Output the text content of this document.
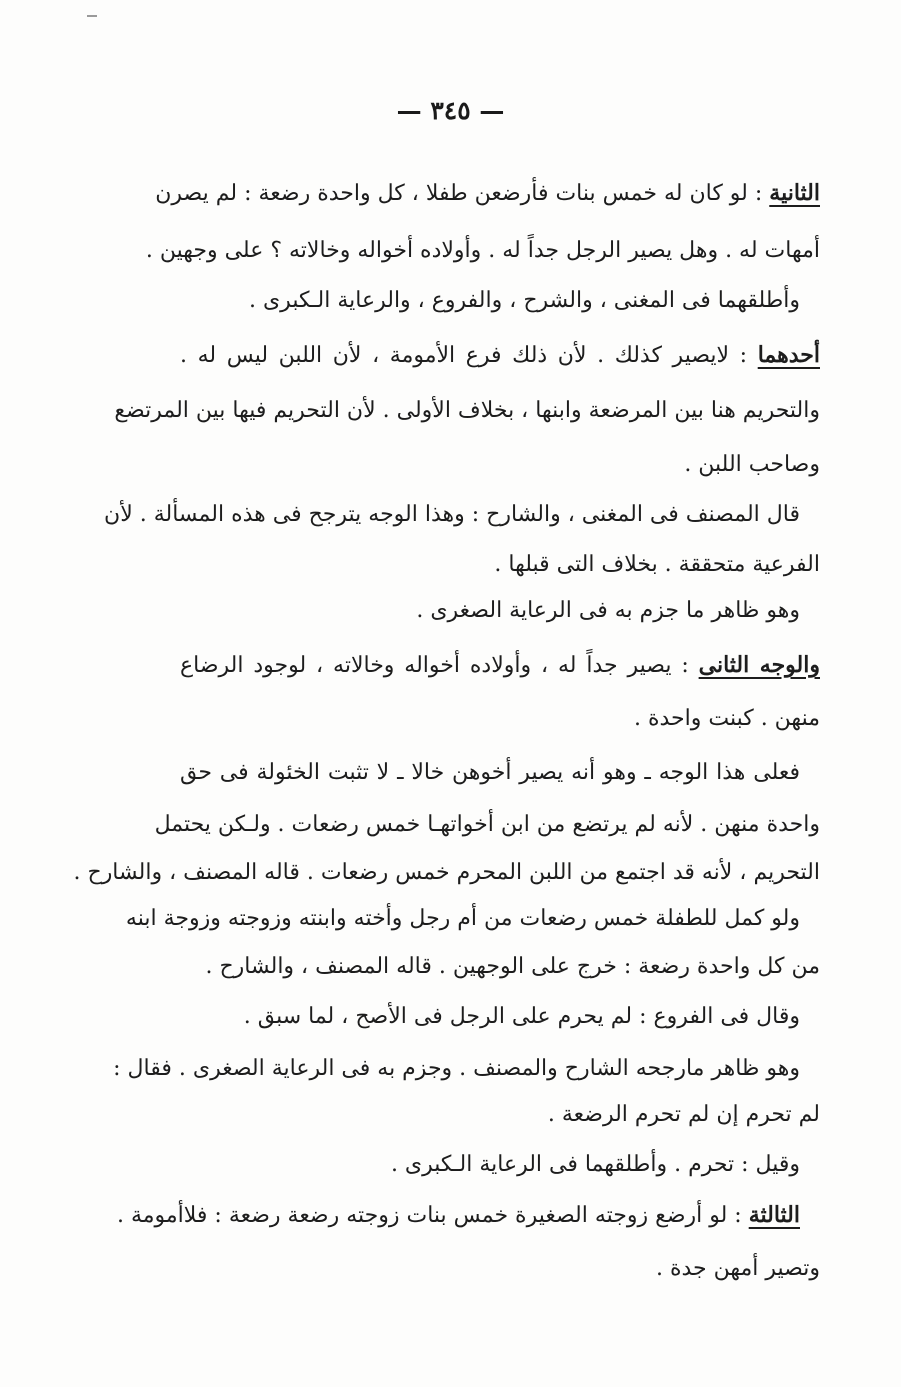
— ٣٤٥ —
الثانية : لو كان له خمس بنات فأرضعن طفلا ، كل واحدة رضعة : لم يصرن
أمهات له . وهل يصير الرجل جداً له . وأولاده أخواله وخالاته ؟ على وجهين .
وأطلقهما فى المغنى ، والشرح ، والفروع ، والرعاية الـكبرى .
أحدهما : لايصير كذلك . لأن ذلك فرع الأمومة ، لأن اللبن ليس له .
والتحريم هنا بين المرضعة وابنها ، بخلاف الأولى . لأن التحريم فيها بين المرتضع
وصاحب اللبن .
قال المصنف فى المغنى ، والشارح : وهذا الوجه يترجح فى هذه المسألة . لأن
الفرعية متحققة . بخلاف التى قبلها .
وهو ظاهر ما جزم به فى الرعاية الصغرى .
والوجه الثانى : يصير جداً له ، وأولاده أخواله وخالاته ، لوجود الرضاع
منهن . كبنت واحدة .
فعلى هذا الوجه ـ وهو أنه يصير أخوهن خالا ـ لا تثبت الخئولة فى حق
واحدة منهن . لأنه لم يرتضع من ابن أخواتهـا خمس رضعات . ولـكن يحتمل
التحريم ، لأنه قد اجتمع من اللبن المحرم خمس رضعات . قاله المصنف ، والشارح .
ولو كمل للطفلة خمس رضعات من أم رجل وأخته وابنته وزوجته وزوجة ابنه
من كل واحدة رضعة : خرج على الوجهين . قاله المصنف ، والشارح .
وقال فى الفروع : لم يحرم على الرجل فى الأصح ، لما سبق .
وهو ظاهر مارجحه الشارح والمصنف . وجزم به فى الرعاية الصغرى . فقال :
لم تحرم إن لم تحرم الرضعة .
وقيل : تحرم . وأطلقهما فى الرعاية الـكبرى .
الثالثة : لو أرضع زوجته الصغيرة خمس بنات زوجته رضعة رضعة : فلاأمومة .
وتصير أمهن جدة .
